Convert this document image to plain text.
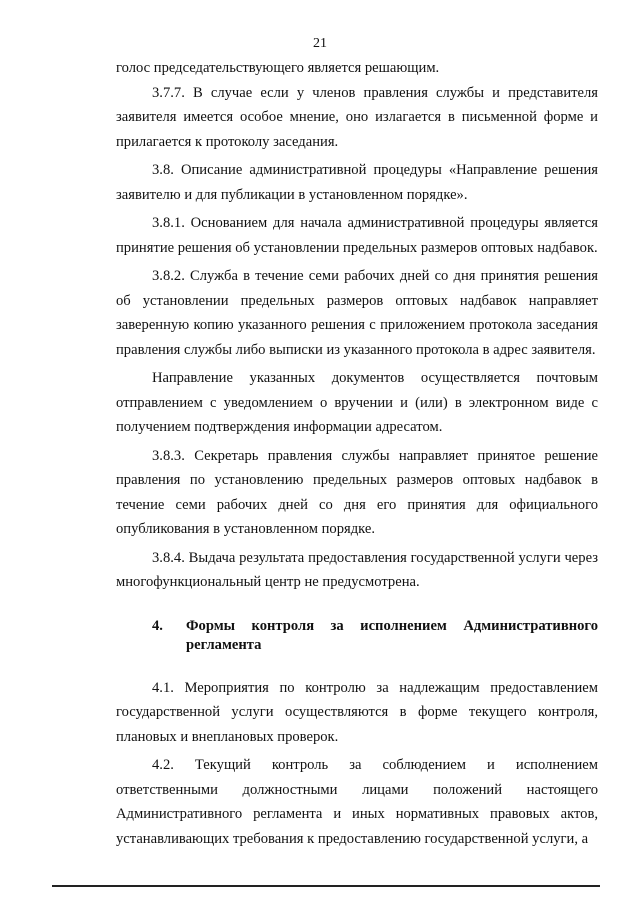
21

голос председательствующего является решающим.

3.7.7. В случае если у членов правления службы и представителя заявителя имеется особое мнение, оно излагается в письменной форме и прилагается к протоколу заседания.

3.8. Описание административной процедуры «Направление решения заявителю и для публикации в установленном порядке».

3.8.1. Основанием для начала административной процедуры является принятие решения об установлении предельных размеров оптовых надбавок.

3.8.2. Служба в течение семи рабочих дней со дня принятия решения об установлении предельных размеров оптовых надбавок направляет заверенную копию указанного решения с приложением протокола заседания правления службы либо выписки из указанного протокола в адрес заявителя.

Направление указанных документов осуществляется почтовым отправлением с уведомлением о вручении и (или) в электронном виде с получением подтверждения информации адресатом.

3.8.3. Секретарь правления службы направляет принятое решение правления по установлению предельных размеров оптовых надбавок в течение семи рабочих дней со дня его принятия для официального опубликования в установленном порядке.

3.8.4. Выдача результата предоставления государственной услуги через многофункциональный центр не предусмотрена.

4.	Формы контроля за исполнением Административного
регламента

4.1. Мероприятия по контролю за надлежащим предоставлением государственной услуги осуществляются в форме текущего контроля, плановых и внеплановых проверок.

4.2. Текущий контроль за соблюдением и исполнением ответственными должностными лицами положений настоящего Административного регламента и иных нормативных правовых актов, устанавливающих требования к предоставлению государственной услуги, а
